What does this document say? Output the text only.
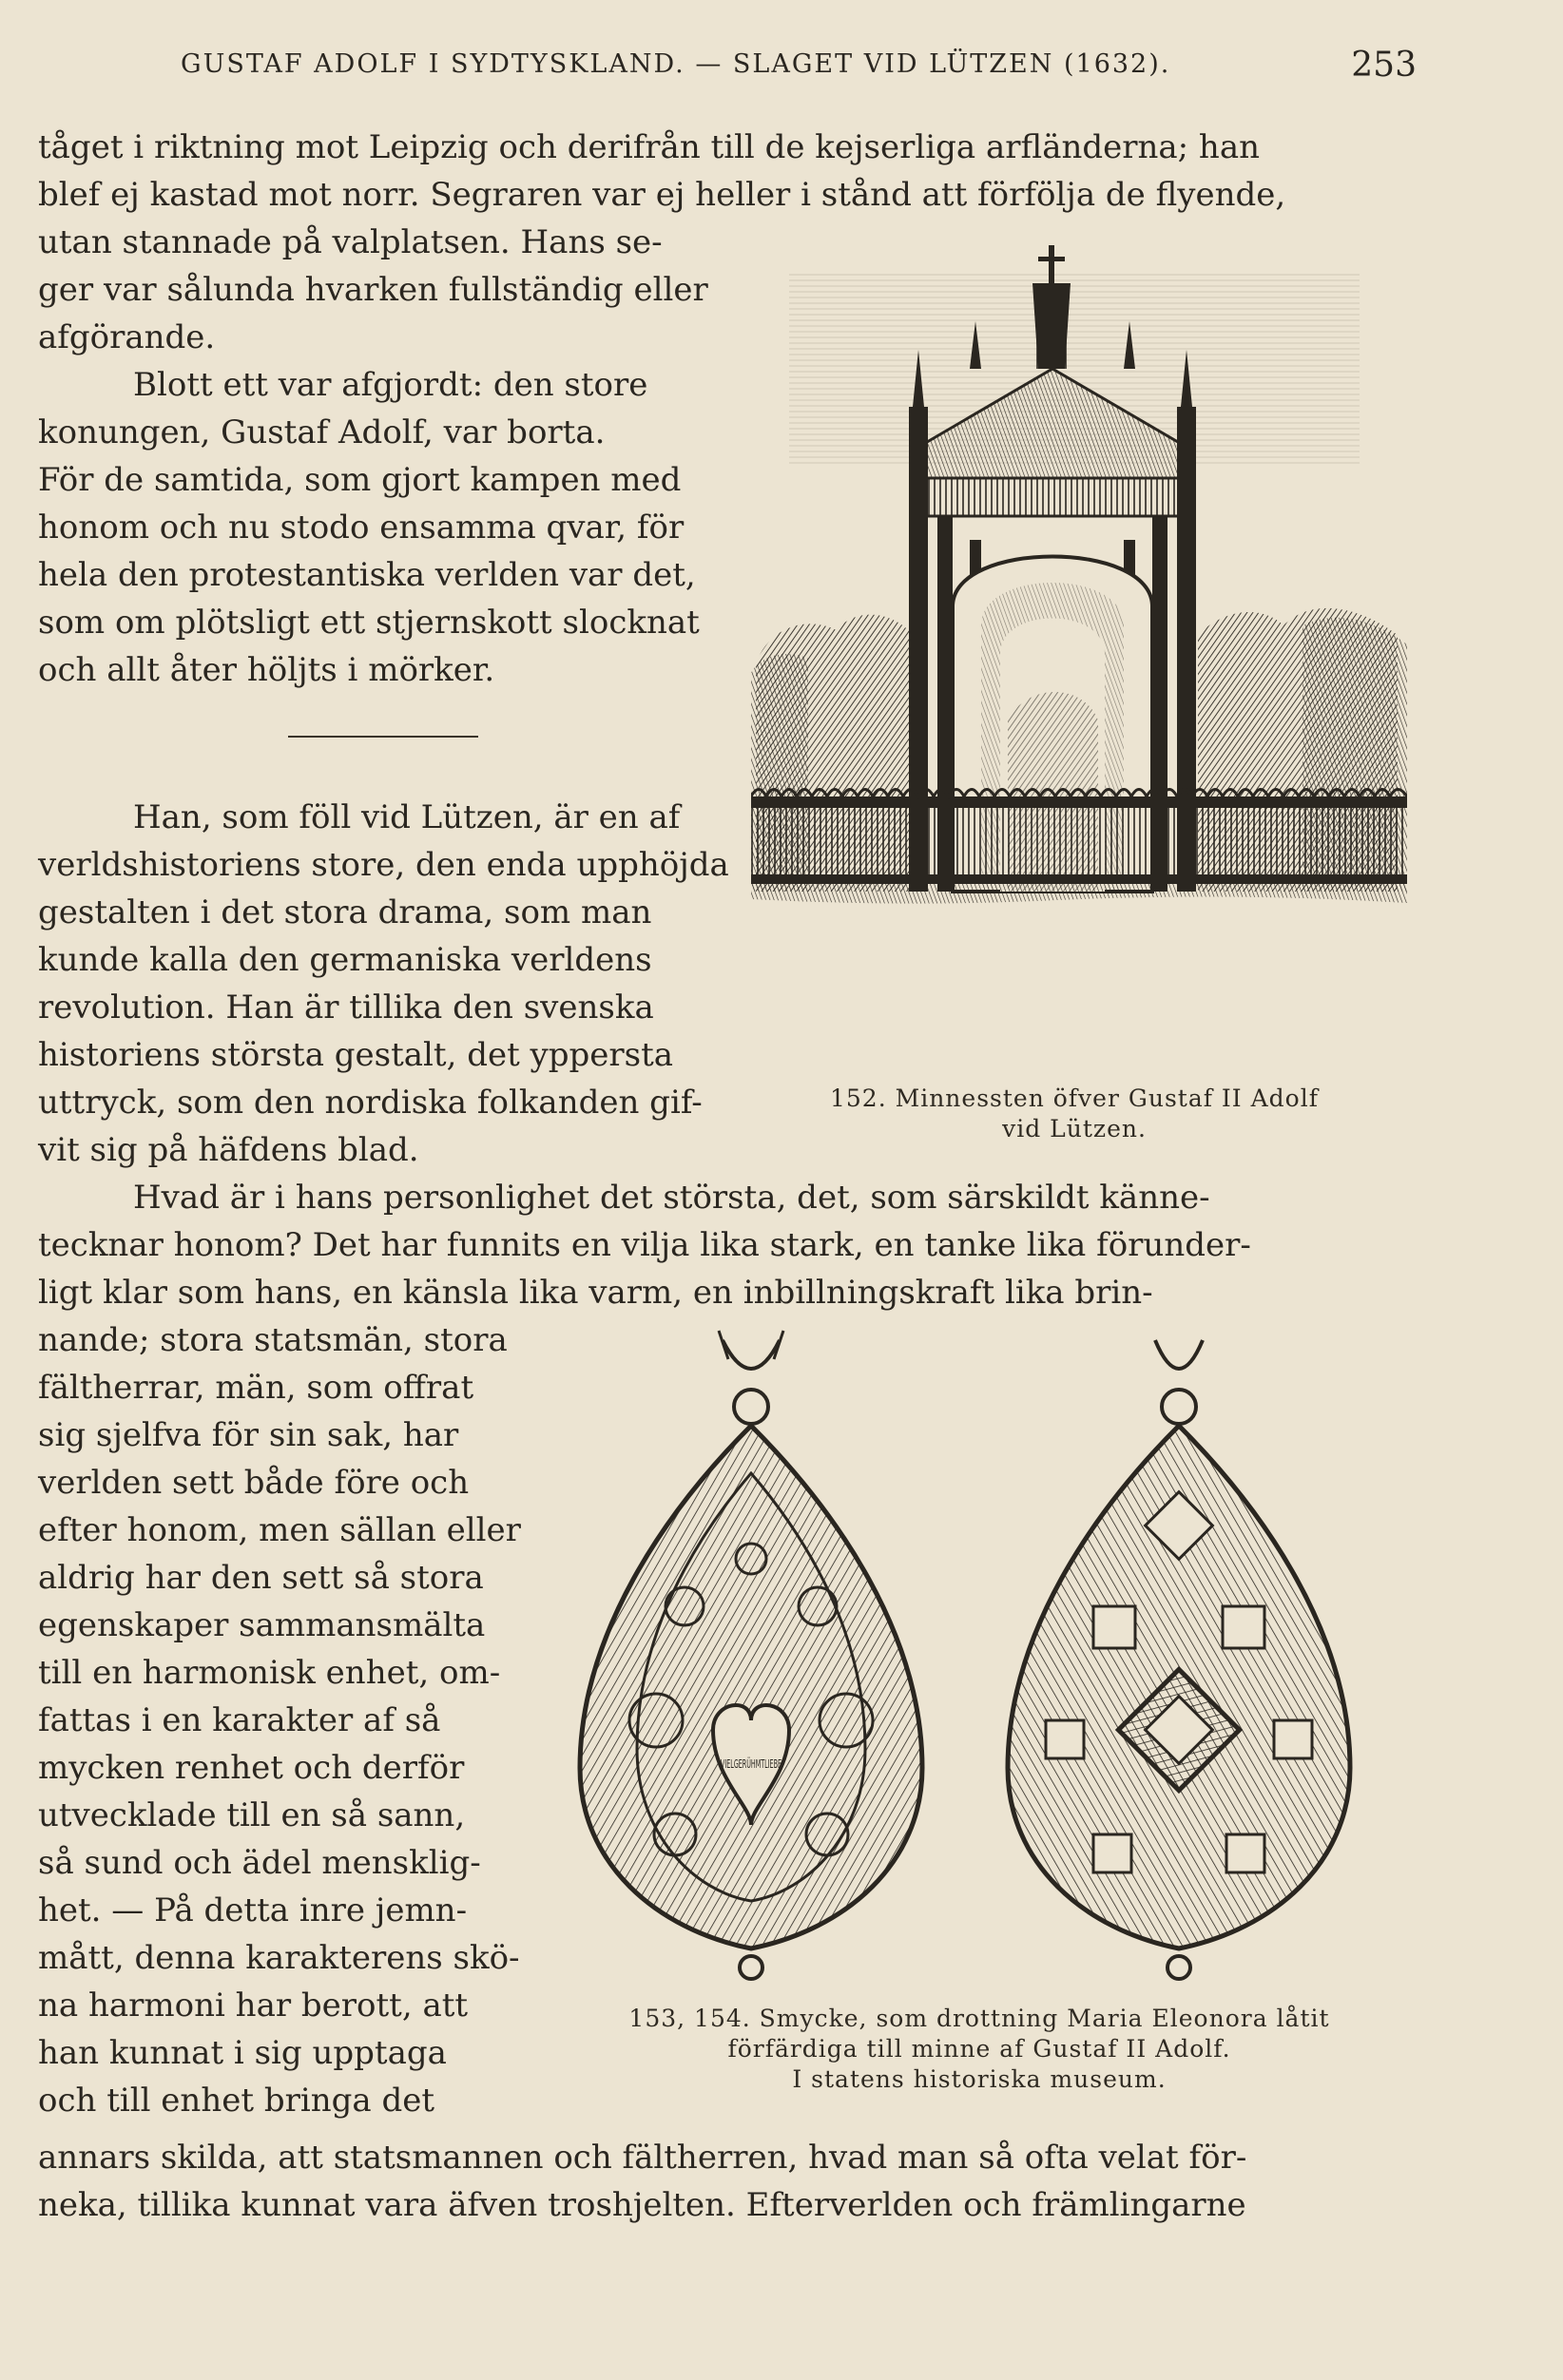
GUSTAF ADOLF I SYDTYSKLAND. — SLAGET VID LÜTZEN (1632).	253
tåget i riktning mot Leipzig och derifrån till de kejserliga arfländerna; han
blef ej kastad mot norr. Segraren var ej heller i stånd att förfölja de flyende,
utan stannade på valplatsen. Hans se-
ger var sålunda hvarken fullständig eller
afgörande.
Blott ett var afgjordt: den store
konungen, Gustaf Adolf, var borta.
För de samtida, som gjort kampen med
honom och nu stodo ensamma qvar, för
hela den protestantiska verlden var det,
som om plötsligt ett stjernskott slocknat
och allt åter höljts i mörker.
Han, som föll vid Lützen, är en af
verldshistoriens store, den enda upphöjda
gestalten i det stora drama, som man
kunde kalla den germaniska verldens
revolution. Han är tillika den svenska
historiens största gestalt, det yppersta
uttryck, som den nordiska folkanden gif-
vit sig på häfdens blad.
Hvad är i hans personlighet det största, det, som särskildt känne-
tecknar honom? Det har funnits en vilja lika stark, en tanke lika förunder-
ligt klar som hans, en känsla lika varm, en inbillningskraft lika brin-
nande; stora statsmän, stora
fältherrar, män, som offrat
sig sjelfva för sin sak, har
verlden sett både före och
efter honom, men sällan eller
aldrig har den sett så stora
egenskaper sammansmälta
till en harmonisk enhet, om-
fattas i en karakter af så
mycken renhet och derför
utvecklade till en så sann,
så sund och ädel mensklig-
het. — På detta inre jemn-
mått, denna karakterens skö-
na harmoni har berott, att
han kunnat i sig upptaga
och till enhet bringa det
annars skilda, att statsmannen och fältherren, hvad man så ofta velat för-
neka, tillika kunnat vara äfven troshjelten. Efterverlden och främlingarne
152. Minnessten öfver Gustaf II Adolf
vid Lützen.
VIELGERÜHMTLIEBE
153, 154. Smycke, som drottning Maria Eleonora låtit
förfärdiga till minne af Gustaf II Adolf.
I statens historiska museum.
